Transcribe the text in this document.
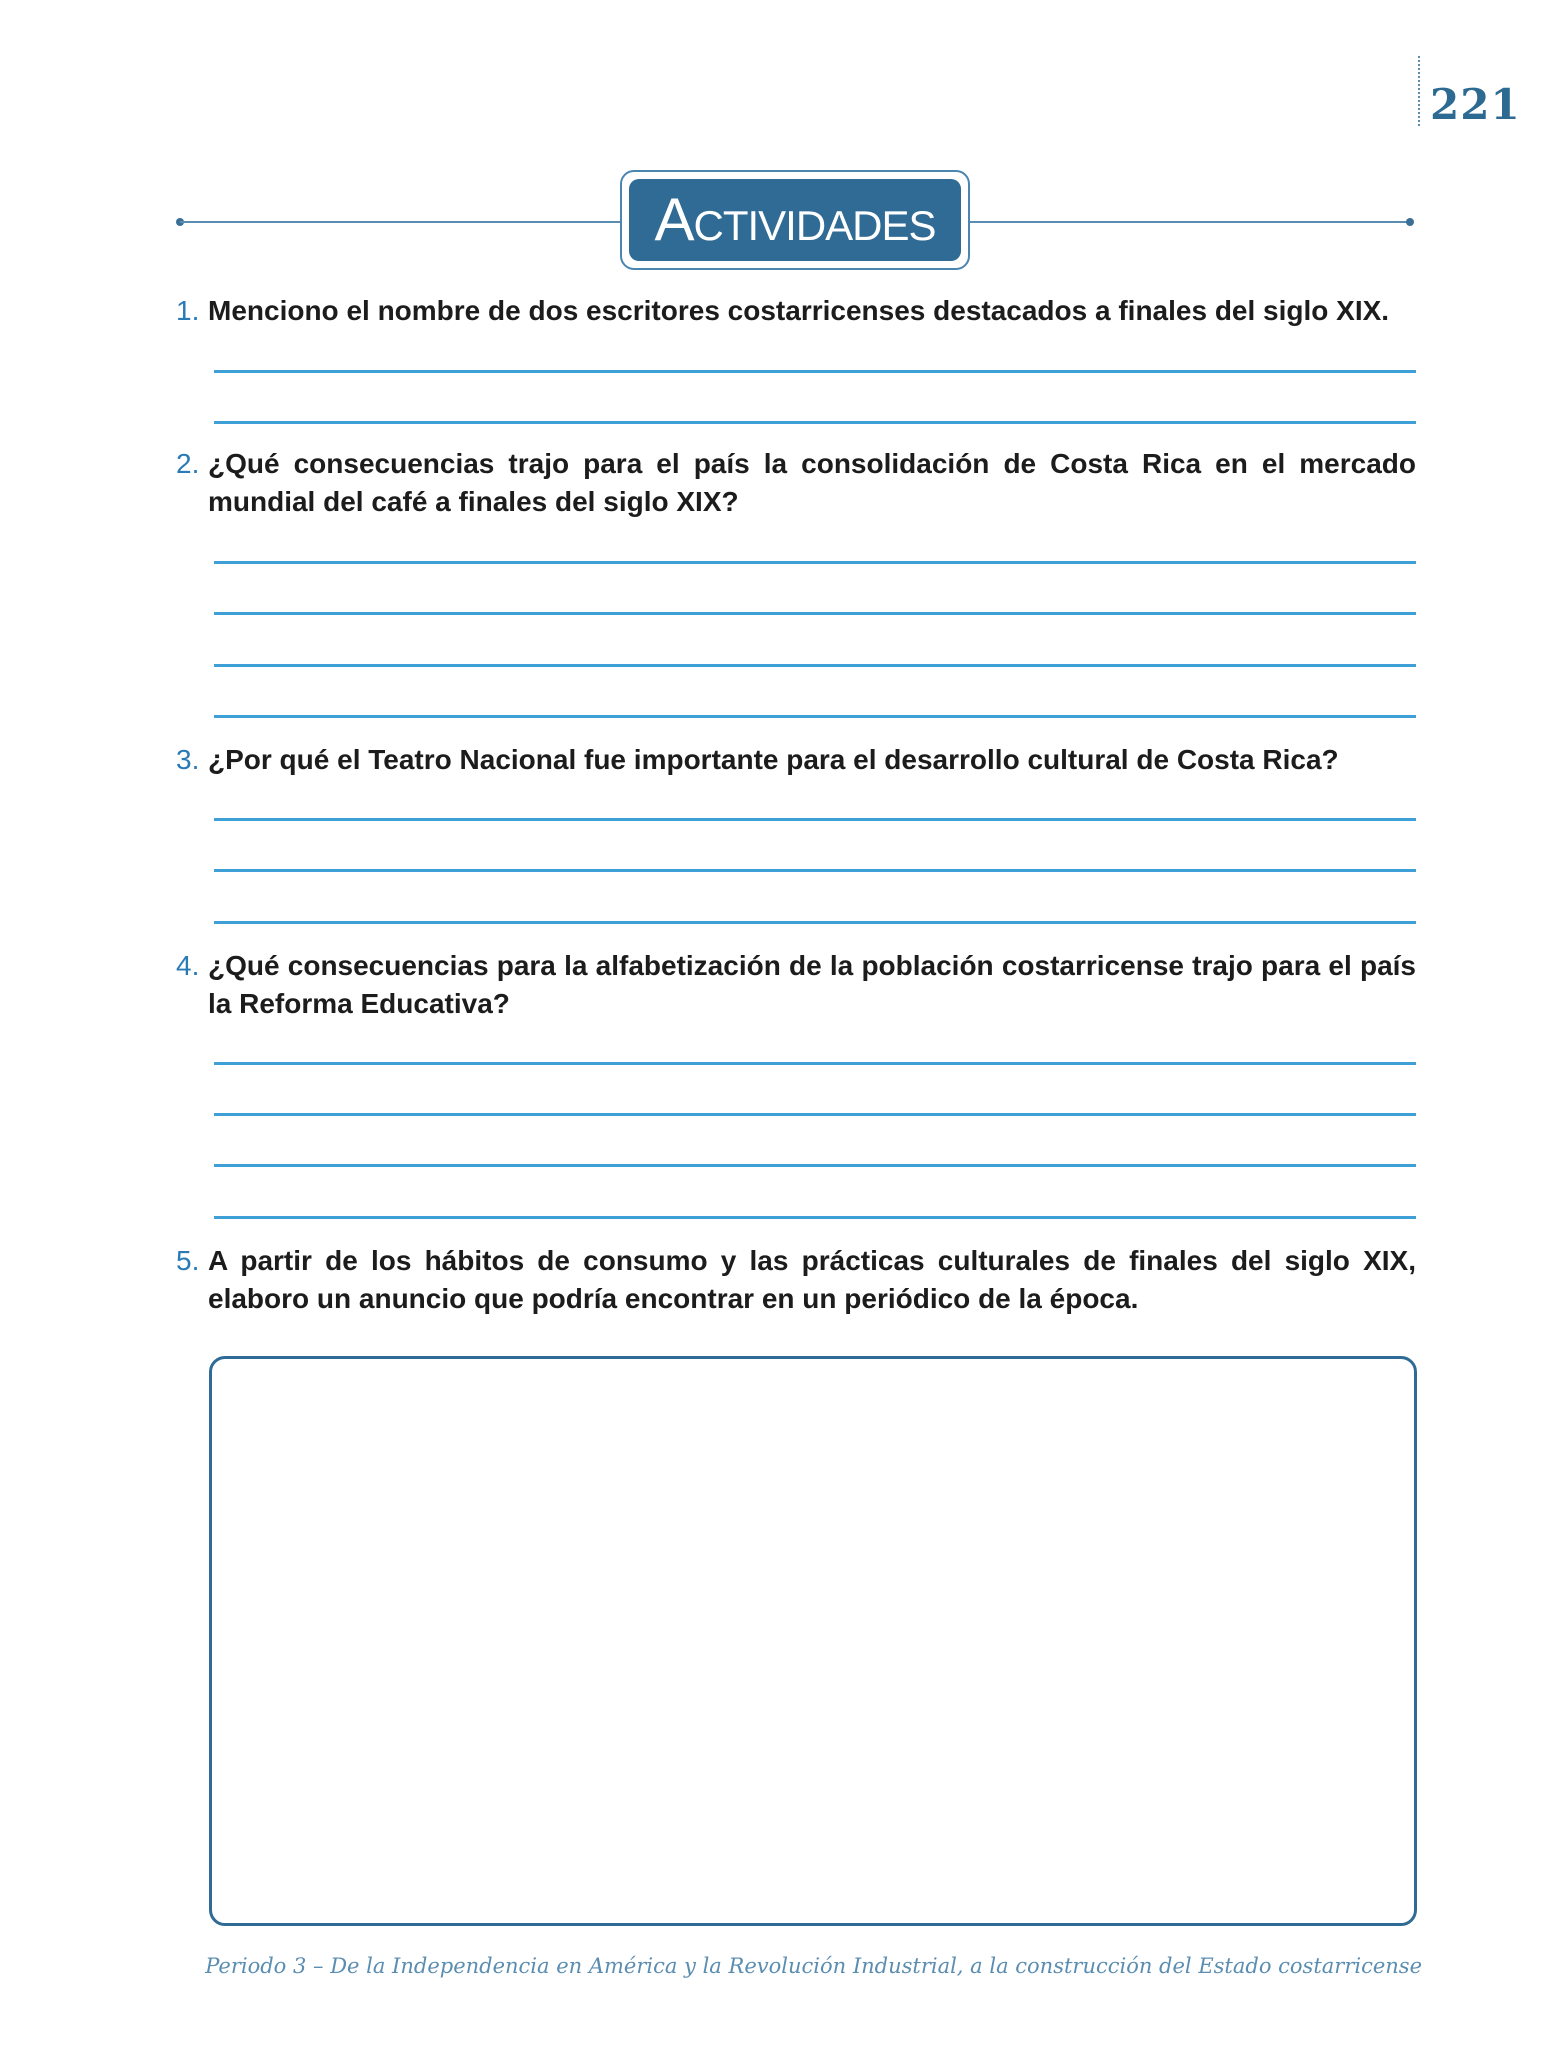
221
Actividades
1. Menciono el nombre de dos escritores costarricenses destacados a finales del siglo XIX.
2. ¿Qué consecuencias trajo para el país la consolidación de Costa Rica en el mercado mundial del café a finales del siglo XIX?
3. ¿Por qué el Teatro Nacional fue importante para el desarrollo cultural de Costa Rica?
4. ¿Qué consecuencias para la alfabetización de la población costarricense trajo para el país la Reforma Educativa?
5. A partir de los hábitos de consumo y las prácticas culturales de finales del siglo XIX, elaboro un anuncio que podría encontrar en un periódico de la época.
Periodo 3 – De la Independencia en América y la Revolución Industrial, a la construcción del Estado costarricense
